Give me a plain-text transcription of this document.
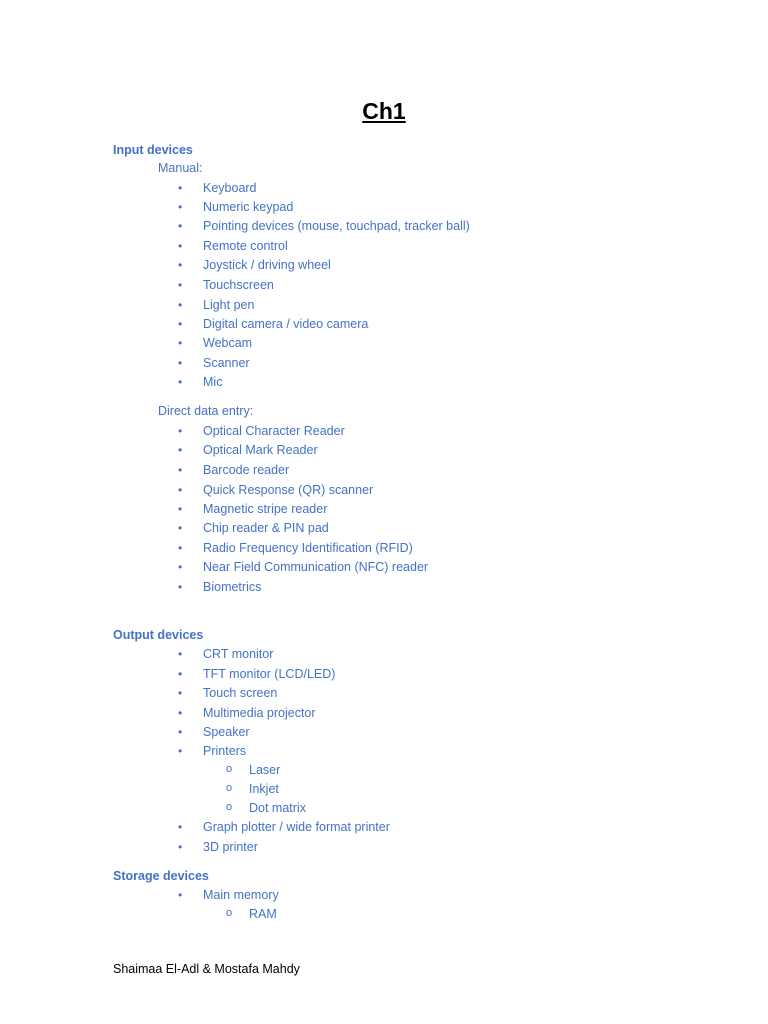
Ch1
Input devices
Manual:
Keyboard
Numeric keypad
Pointing devices (mouse, touchpad, tracker ball)
Remote control
Joystick / driving wheel
Touchscreen
Light pen
Digital camera / video camera
Webcam
Scanner
Mic
Direct data entry:
Optical Character Reader
Optical Mark Reader
Barcode reader
Quick Response (QR) scanner
Magnetic stripe reader
Chip reader & PIN pad
Radio Frequency Identification (RFID)
Near Field Communication (NFC) reader
Biometrics
Output devices
CRT monitor
TFT monitor (LCD/LED)
Touch screen
Multimedia projector
Speaker
Printers
Laser
Inkjet
Dot matrix
Graph plotter / wide format printer
3D printer
Storage devices
Main memory
RAM
Shaimaa El-Adl & Mostafa Mahdy
